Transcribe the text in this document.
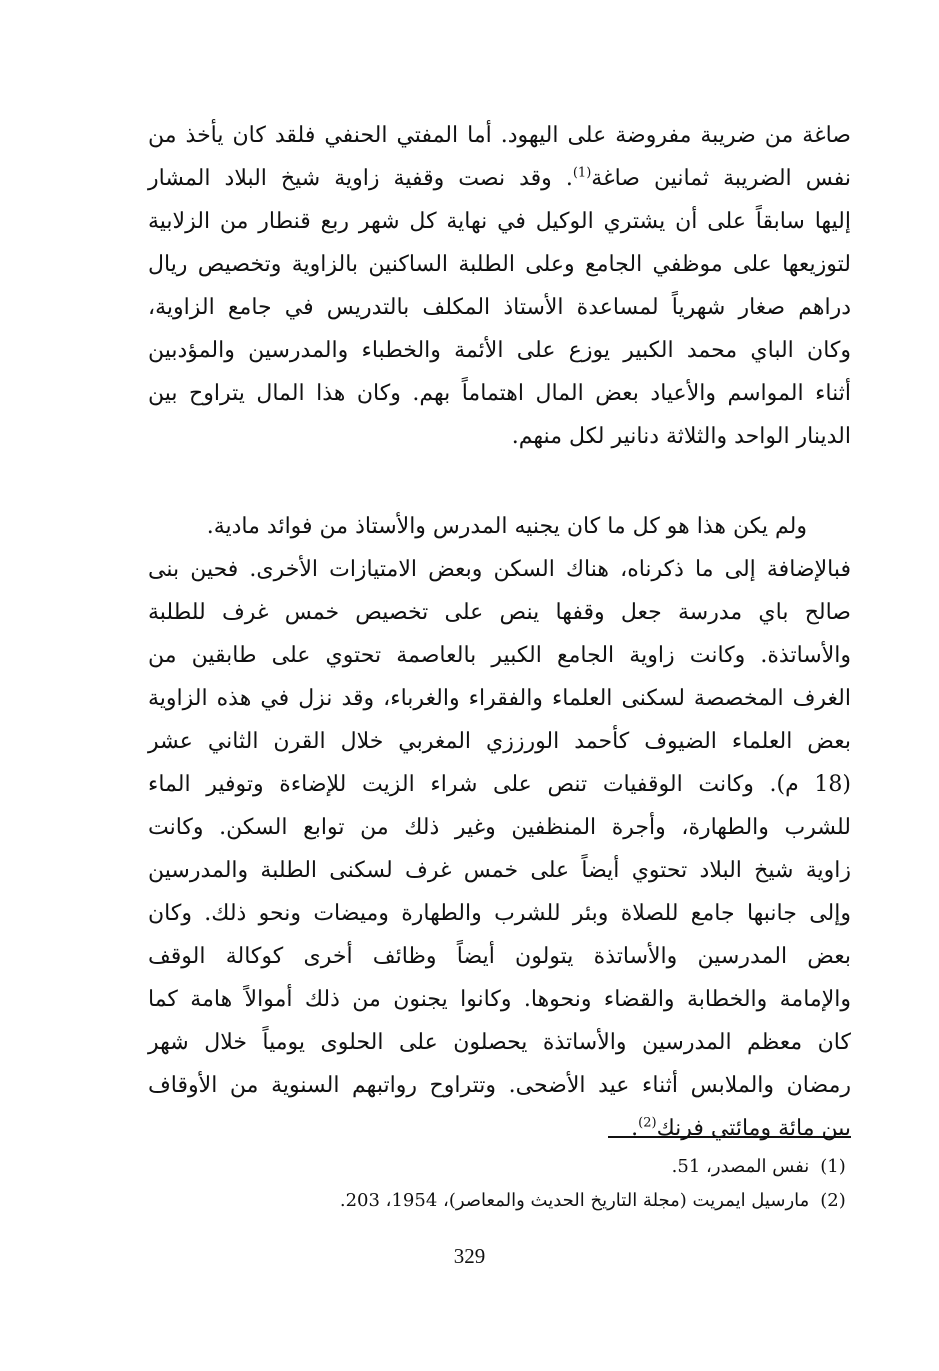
صاغة من ضريبة مفروضة على اليهود. أما المفتي الحنفي فلقد كان يأخذ من
نفس الضريبة ثمانين صاغة$^{(1)}$. وقد نصت وقفية زاوية شيخ البلاد المشار
إليها سابقاً على أن يشتري الوكيل في نهاية كل شهر ربع قنطار من الزلابية
لتوزيعها على موظفي الجامع وعلى الطلبة الساكنين بالزاوية وتخصيص ريال
دراهم صغار شهرياً لمساعدة الأستاذ المكلف بالتدريس في جامع الزاوية،
وكان الباي محمد الكبير يوزع على الأئمة والخطباء والمدرسين والمؤدبين
أثناء المواسم والأعياد بعض المال اهتماماً بهم. وكان هذا المال يتراوح بين
الدينار الواحد والثلاثة دنانير لكل منهم.
ولم يكن هذا هو كل ما كان يجنيه المدرس والأستاذ من فوائد مادية.
فبالإضافة إلى ما ذكرناه، هناك السكن وبعض الامتيازات الأخرى. فحين بنى
صالح باي مدرسة جعل وقفها ينص على تخصيص خمس غرف للطلبة
والأساتذة. وكانت زاوية الجامع الكبير بالعاصمة تحتوي على طابقين من
الغرف المخصصة لسكنى العلماء والفقراء والغرباء، وقد نزل في هذه الزاوية
بعض العلماء الضيوف كأحمد الورززي المغربي خلال القرن الثاني عشر
(18 م). وكانت الوقفيات تنص على شراء الزيت للإضاءة وتوفير الماء
للشرب والطهارة، وأجرة المنظفين وغير ذلك من توابع السكن. وكانت
زاوية شيخ البلاد تحتوي أيضاً على خمس غرف لسكنى الطلبة والمدرسين
وإلى جانبها جامع للصلاة وبئر للشرب والطهارة وميضات ونحو ذلك. وكان
بعض المدرسين والأساتذة يتولون أيضاً وظائف أخرى كوكالة الوقف
والإمامة والخطابة والقضاء ونحوها. وكانوا يجنون من ذلك أموالاً هامة كما
كان معظم المدرسين والأساتذة يحصلون على الحلوى يومياً خلال شهر
رمضان والملابس أثناء عيد الأضحى. وتتراوح رواتبهم السنوية من الأوقاف
بين مائة ومائتي فرنك$^{(2)}$.
(1) نفس المصدر، 51.
(2) مارسيل ايمريت (مجلة التاريخ الحديث والمعاصر)، 1954، 203.
329
